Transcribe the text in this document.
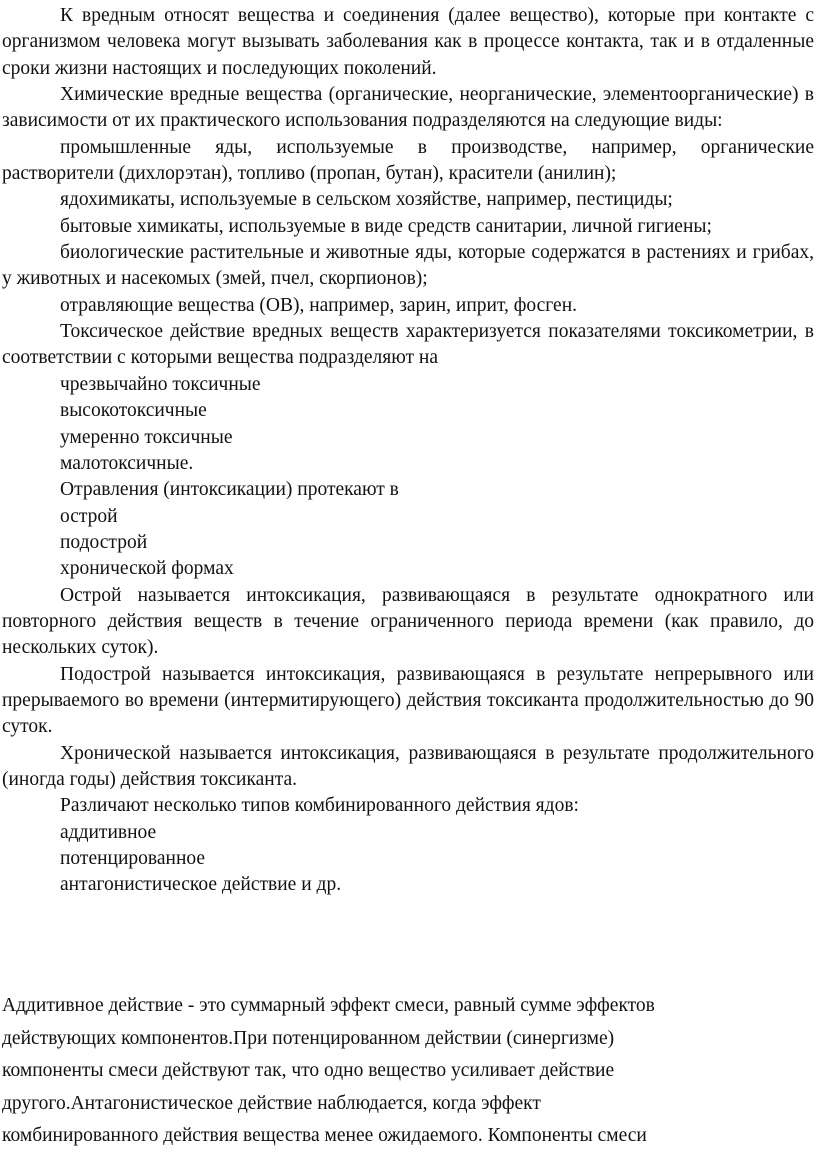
К вредным относят вещества и соединения (далее вещество), которые при контакте с организмом человека могут вызывать заболевания как в процессе контакта, так и в отдаленные сроки жизни настоящих и последующих поколений.

Химические вредные вещества (органические, неорганические, элементоорганические) в зависимости от их практического использования подразделяются на следующие виды:

промышленные яды, используемые в производстве, например, органические растворители (дихлорэтан), топливо (пропан, бутан), красители (анилин);

ядохимикаты, используемые в сельском хозяйстве, например, пестициды;

бытовые химикаты, используемые в виде средств санитарии, личной гигиены;

биологические растительные и животные яды, которые содержатся в растениях и грибах, у животных и насекомых (змей, пчел, скорпионов);

отравляющие вещества (ОВ), например, зарин, иприт, фосген.

Токсическое действие вредных веществ характеризуется показателями токсикометрии, в соответствии с которыми вещества подразделяют на

чрезвычайно токсичные

высокотоксичные

умеренно токсичные

малотоксичные.

Отравления (интоксикации) протекают в

острой

подострой

хронической формах

Острой называется интоксикация, развивающаяся в результате однократного или повторного действия веществ в течение ограниченного периода времени (как правило, до нескольких суток).

Подострой называется интоксикация, развивающаяся в результате непрерывного или прерываемого во времени (интермитирующего) действия токсиканта продолжительностью до 90 суток.

Хронической называется интоксикация, развивающаяся в результате продолжительного (иногда годы) действия токсиканта.

Различают несколько типов комбинированного действия ядов:

аддитивное

потенцированное

антагонистическое действие и др.

Аддитивное действие - это суммарный эффект смеси, равный сумме эффектов

действующих компонентов.При потенцированном действии (синергизме)

компоненты смеси действуют так, что одно вещество усиливает действие

другого.Антагонистическое действие наблюдается, когда эффект

комбинированного действия вещества менее ожидаемого. Компоненты смеси
